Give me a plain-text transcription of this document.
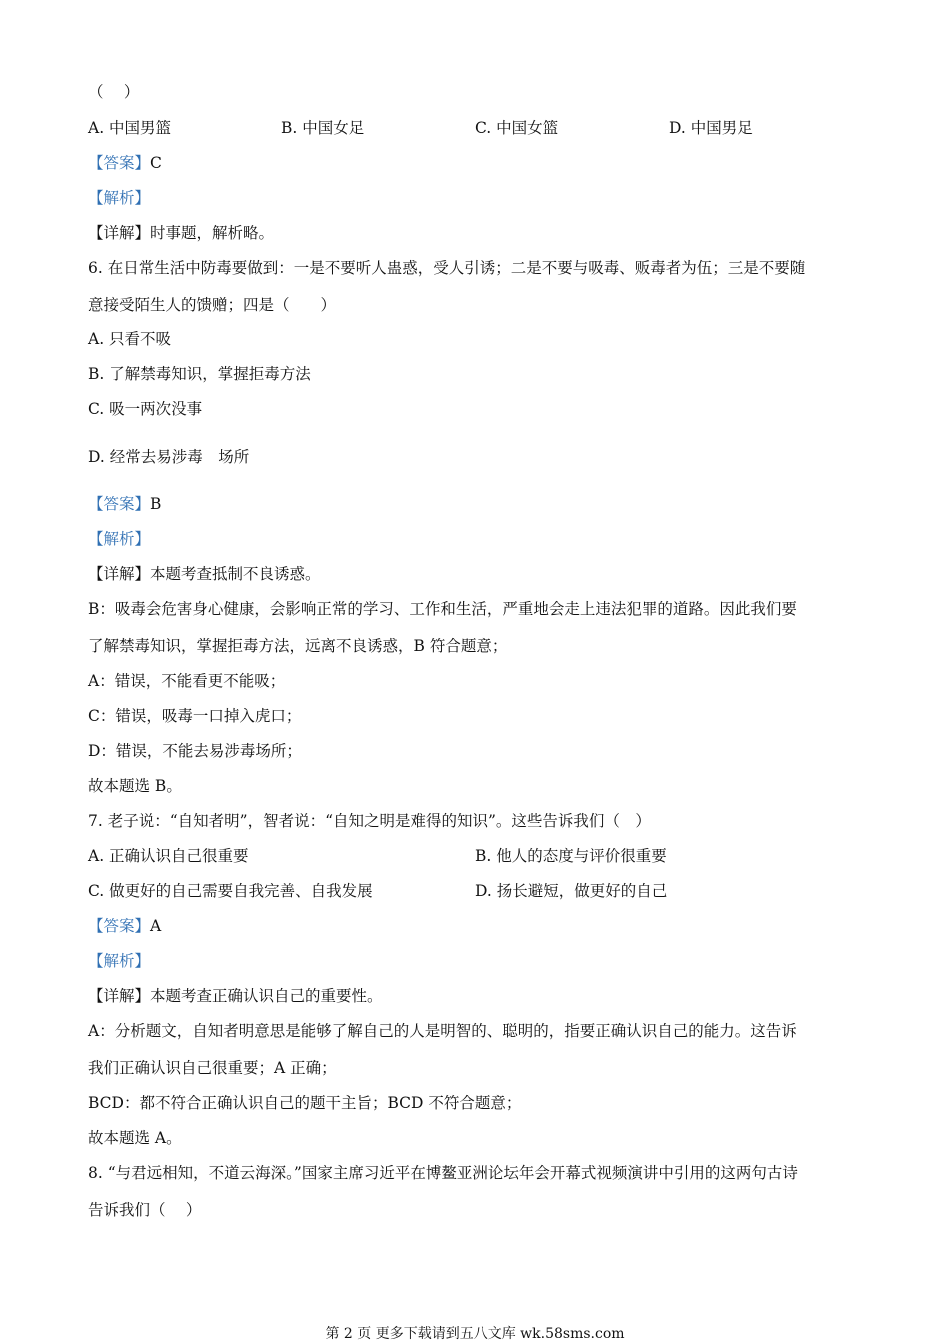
（　 ）
A. 中国男篮	B. 中国女足	C. 中国女篮	D. 中国男足
【答案】C
【解析】
【详解】时事题，解析略。
6. 在日常生活中防毒要做到：一是不要听人蛊惑，受人引诱；二是不要与吸毒、贩毒者为伍；三是不要随
意接受陌生人的馈赠；四是（　　）
A. 只看不吸
B. 了解禁毒知识，掌握拒毒方法
C. 吸一两次没事
D. 经常去易涉毒　场所
【答案】B
【解析】
【详解】本题考查抵制不良诱惑。
B：吸毒会危害身心健康，会影响正常的学习、工作和生活，严重地会走上违法犯罪的道路。因此我们要
了解禁毒知识，掌握拒毒方法，远离不良诱惑，B 符合题意；
A：错误，不能看更不能吸；
C：错误，吸毒一口掉入虎口；
D：错误，不能去易涉毒场所；
故本题选 B。
7. 老子说：“自知者明”，智者说：“自知之明是难得的知识”。这些告诉我们（　）
A. 正确认识自己很重要	B. 他人的态度与评价很重要
C. 做更好的自己需要自我完善、自我发展	D. 扬长避短，做更好的自己
【答案】A
【解析】
【详解】本题考查正确认识自己的重要性。
A：分析题文，自知者明意思是能够了解自己的人是明智的、聪明的，指要正确认识自己的能力。这告诉
我们正确认识自己很重要；A 正确；
BCD：都不符合正确认识自己的题干主旨；BCD 不符合题意；
故本题选 A。
8. “与君远相知，不道云海深。”国家主席习近平在博鳌亚洲论坛年会开幕式视频演讲中引用的这两句古诗
告诉我们（　 ）
第 2 页 更多下载请到五八文库 wk.58sms.com
